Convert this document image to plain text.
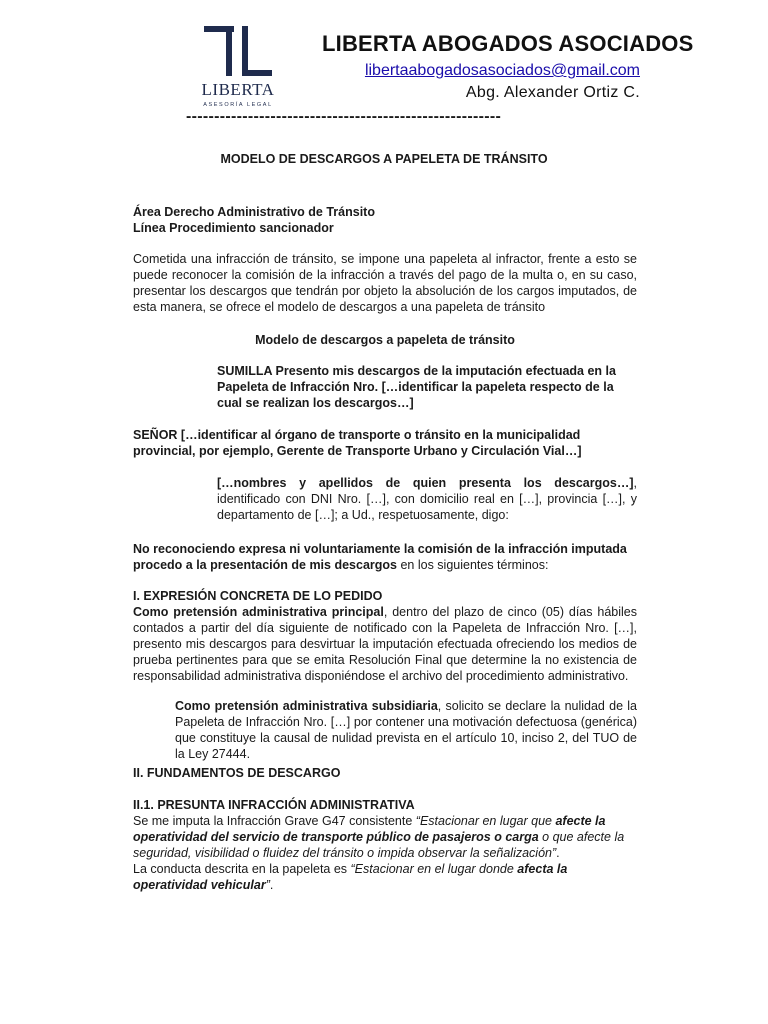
LIBERTA
ASESORÍA LEGAL
LIBERTA ABOGADOS ASOCIADOS
libertaabogadosasociados@gmail.com
Abg. Alexander Ortiz C.
--------------------------------------------------------
MODELO DE DESCARGOS A PAPELETA DE TRÁNSITO

Área Derecho Administrativo de Tránsito
Línea Procedimiento sancionador

Cometida una infracción de tránsito, se impone una papeleta al infractor, frente a esto se puede reconocer la comisión de la infracción a través del pago de la multa o, en su caso, presentar los descargos que tendrán por objeto la absolución de los cargos imputados, de esta manera, se ofrece el modelo de descargos a una papeleta de tránsito

Modelo de descargos a papeleta de tránsito

SUMILLA Presento mis descargos de la imputación efectuada en la Papeleta de Infracción Nro. […identificar la papeleta respecto de la cual se realizan los descargos…]

SEÑOR […identificar al órgano de transporte o tránsito en la municipalidad provincial, por ejemplo, Gerente de Transporte Urbano y Circulación Vial…]

[…nombres y apellidos de quien presenta los descargos…], identificado con DNI Nro. […], con domicilio real en […], provincia […], y departamento de […]; a Ud., respetuosamente, digo:

No reconociendo expresa ni voluntariamente la comisión de la infracción imputada procedo a la presentación de mis descargos en los siguientes términos:

I. EXPRESIÓN CONCRETA DE LO PEDIDO

Como pretensión administrativa principal, dentro del plazo de cinco (05) días hábiles contados a partir del día siguiente de notificado con la Papeleta de Infracción Nro. […], presento mis descargos para desvirtuar la imputación efectuada ofreciendo los medios de prueba pertinentes para que se emita Resolución Final que determine la no existencia de responsabilidad administrativa disponiéndose el archivo del procedimiento administrativo.

Como pretensión administrativa subsidiaria, solicito se declare la nulidad de la Papeleta de Infracción Nro. […] por contener una motivación defectuosa (genérica) que constituye la causal de nulidad prevista en el artículo 10, inciso 2, del TUO de la Ley 27444.

II. FUNDAMENTOS DE DESCARGO

II.1. PRESUNTA INFRACCIÓN ADMINISTRATIVA

Se me imputa la Infracción Grave G47 consistente “Estacionar en lugar que afecte la operatividad del servicio de transporte público de pasajeros o carga o que afecte la seguridad, visibilidad o fluidez del tránsito o impida observar la señalización”.
La conducta descrita en la papeleta es “Estacionar en el lugar donde afecta la operatividad vehicular”.
